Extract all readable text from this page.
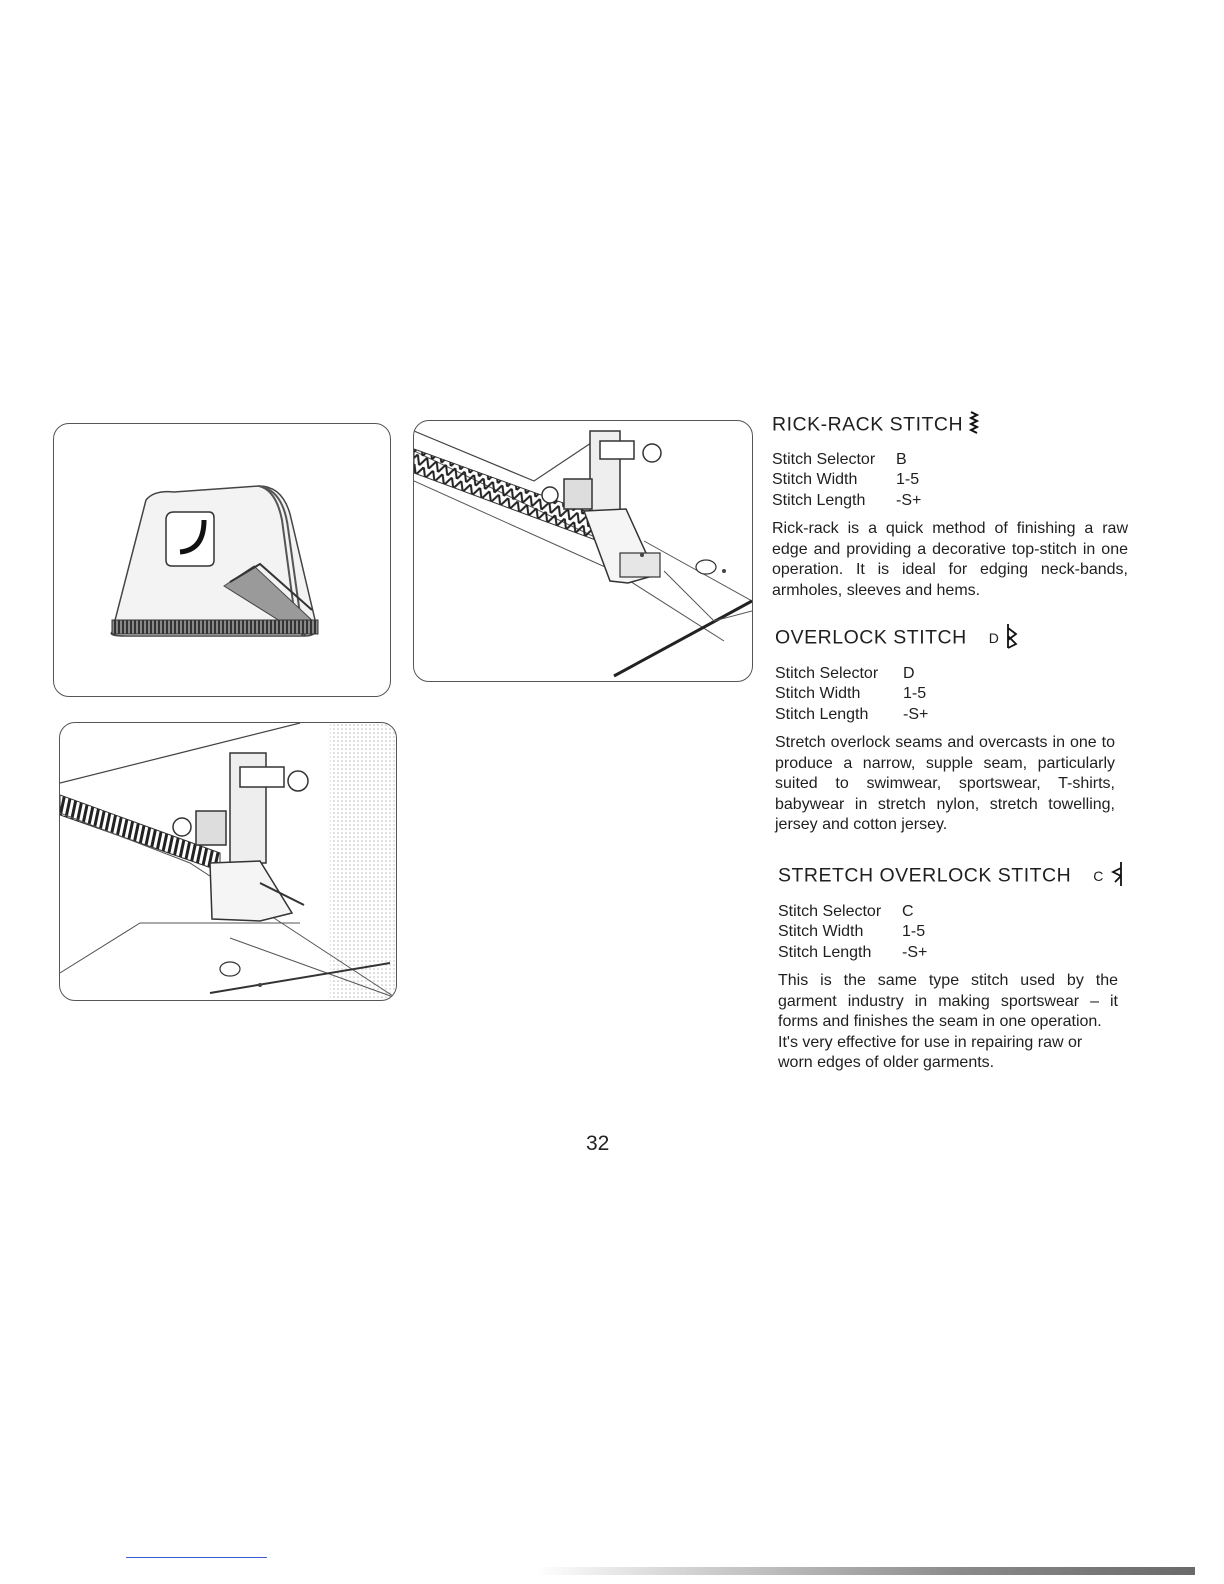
RICK-RACK STITCH
Stitch Selector	B
Stitch Width	1-5
Stitch Length	-S+

Rick-rack is a quick method of finishing a raw edge and providing a decorative top-stitch in one operation. It is ideal for edging neck-bands, armholes, sleeves and hems.

OVERLOCK STITCH D
Stitch Selector	D
Stitch Width	1-5
Stitch Length	-S+

Stretch overlock seams and overcasts in one to produce a narrow, supple seam, particularly suited to swimwear, sportswear, T-shirts, babywear in stretch nylon, stretch towelling, jersey and cotton jersey.

STRETCH OVERLOCK STITCH C
Stitch Selector	C
Stitch Width	1-5
Stitch Length	-S+

This is the same type stitch used by the garment industry in making sportswear – it forms and finishes the seam in one operation.

It's very effective for use in repairing raw or worn edges of older garments.

32
